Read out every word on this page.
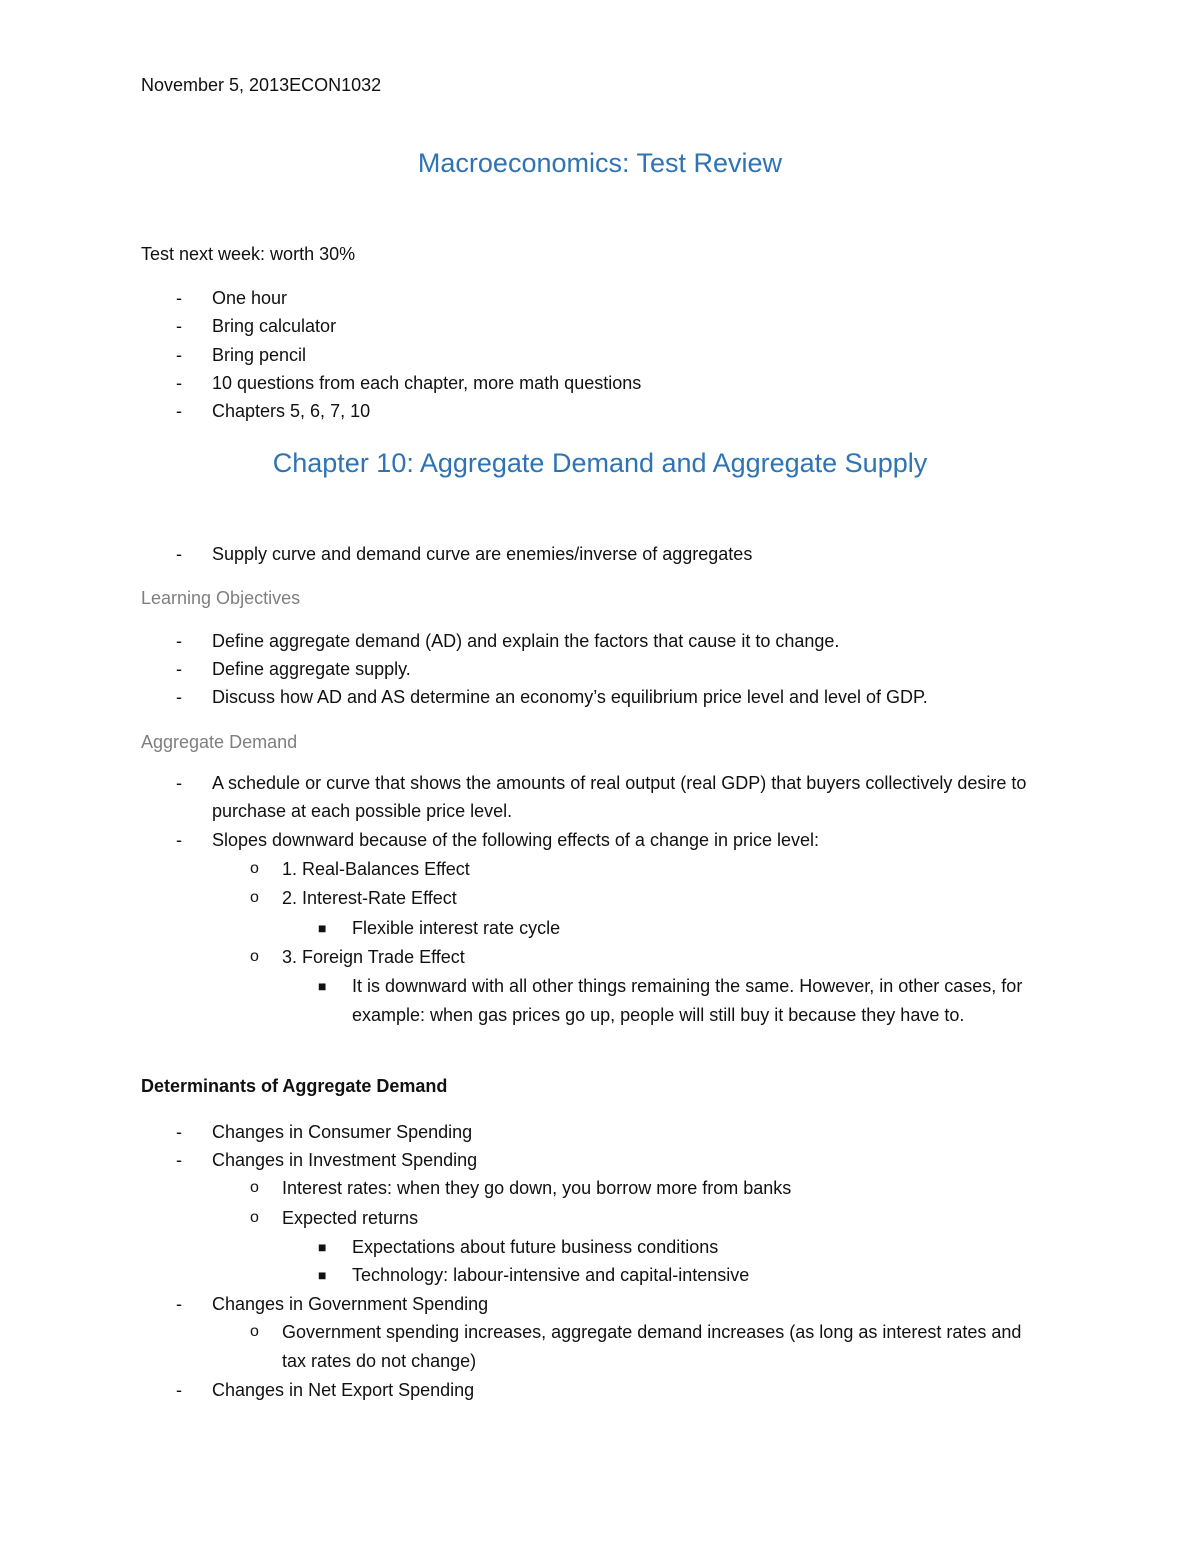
November 5, 2013ECON1032
Macroeconomics: Test Review
Test next week: worth 30%
- One hour
- Bring calculator
- Bring pencil
- 10 questions from each chapter, more math questions
- Chapters 5, 6, 7, 10
Chapter 10: Aggregate Demand and Aggregate Supply
- Supply curve and demand curve are enemies/inverse of aggregates
Learning Objectives
- Define aggregate demand (AD) and explain the factors that cause it to change.
- Define aggregate supply.
- Discuss how AD and AS determine an economy’s equilibrium price level and level of GDP.
Aggregate Demand
- A schedule or curve that shows the amounts of real output (real GDP) that buyers collectively desire to purchase at each possible price level.
- Slopes downward because of the following effects of a change in price level:
o 1. Real-Balances Effect
o 2. Interest-Rate Effect
■ Flexible interest rate cycle
o 3. Foreign Trade Effect
■ It is downward with all other things remaining the same. However, in other cases, for example: when gas prices go up, people will still buy it because they have to.
Determinants of Aggregate Demand
- Changes in Consumer Spending
- Changes in Investment Spending
o Interest rates: when they go down, you borrow more from banks
o Expected returns
■ Expectations about future business conditions
■ Technology: labour-intensive and capital-intensive
- Changes in Government Spending
o Government spending increases, aggregate demand increases (as long as interest rates and tax rates do not change)
- Changes in Net Export Spending
